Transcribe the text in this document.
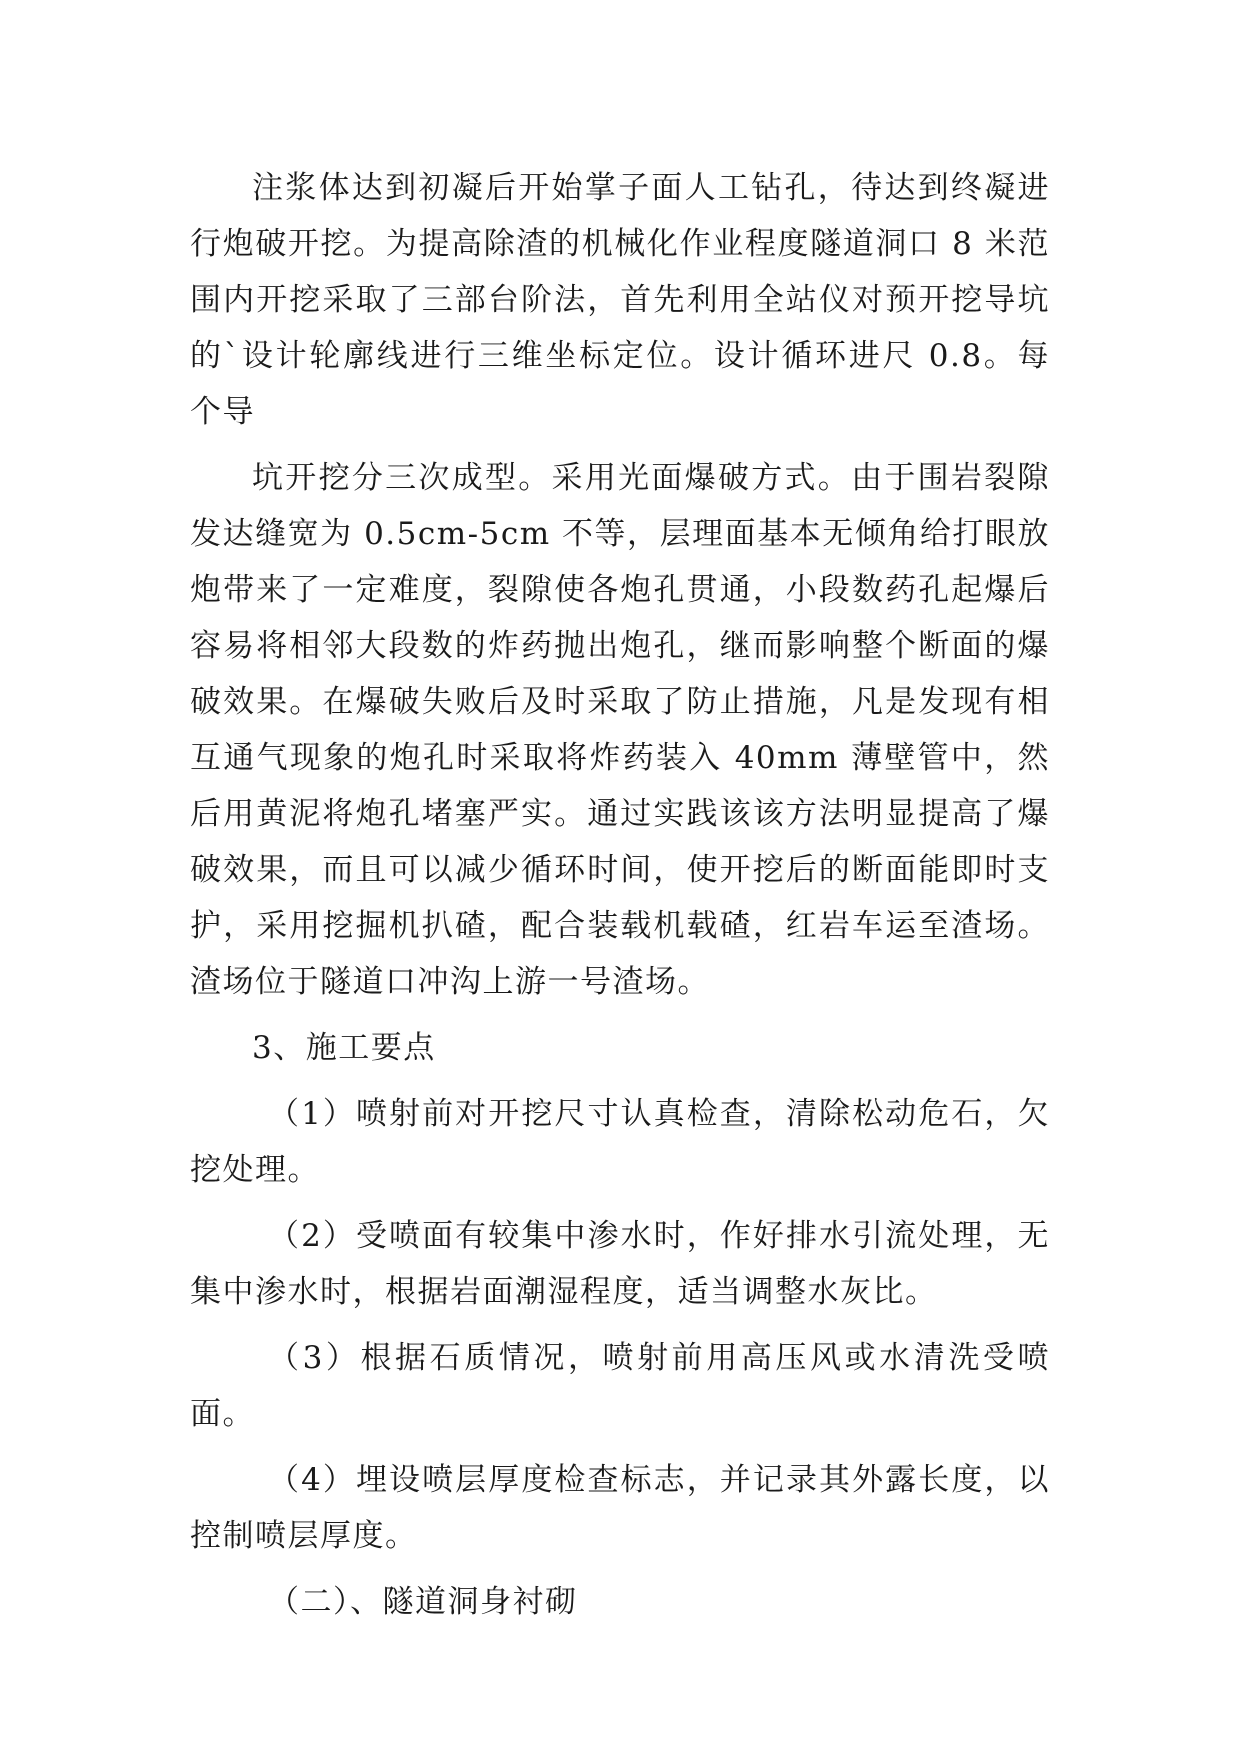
注浆体达到初凝后开始掌子面人工钻孔，待达到终凝进行炮破开挖。为提高除渣的机械化作业程度隧道洞口 8 米范围内开挖采取了三部台阶法，首先利用全站仪对预开挖导坑的`设计轮廓线进行三维坐标定位。设计循环进尺 0.8。每个导

坑开挖分三次成型。采用光面爆破方式。由于围岩裂隙发达缝宽为 0.5cm-5cm 不等，层理面基本无倾角给打眼放炮带来了一定难度，裂隙使各炮孔贯通，小段数药孔起爆后容易将相邻大段数的炸药抛出炮孔，继而影响整个断面的爆破效果。在爆破失败后及时采取了防止措施，凡是发现有相互通气现象的炮孔时采取将炸药装入 40mm 薄壁管中，然后用黄泥将炮孔堵塞严实。通过实践该该方法明显提高了爆破效果，而且可以减少循环时间，使开挖后的断面能即时支护，采用挖掘机扒碴，配合装载机载碴，红岩车运至渣场。渣场位于隧道口冲沟上游一号渣场。

3、施工要点

（1）喷射前对开挖尺寸认真检查，清除松动危石，欠挖处理。

（2）受喷面有较集中渗水时，作好排水引流处理，无集中渗水时，根据岩面潮湿程度，适当调整水灰比。

（3）根据石质情况，喷射前用高压风或水清洗受喷面。

（4）埋设喷层厚度检查标志，并记录其外露长度，以控制喷层厚度。

（二）、隧道洞身衬砌
